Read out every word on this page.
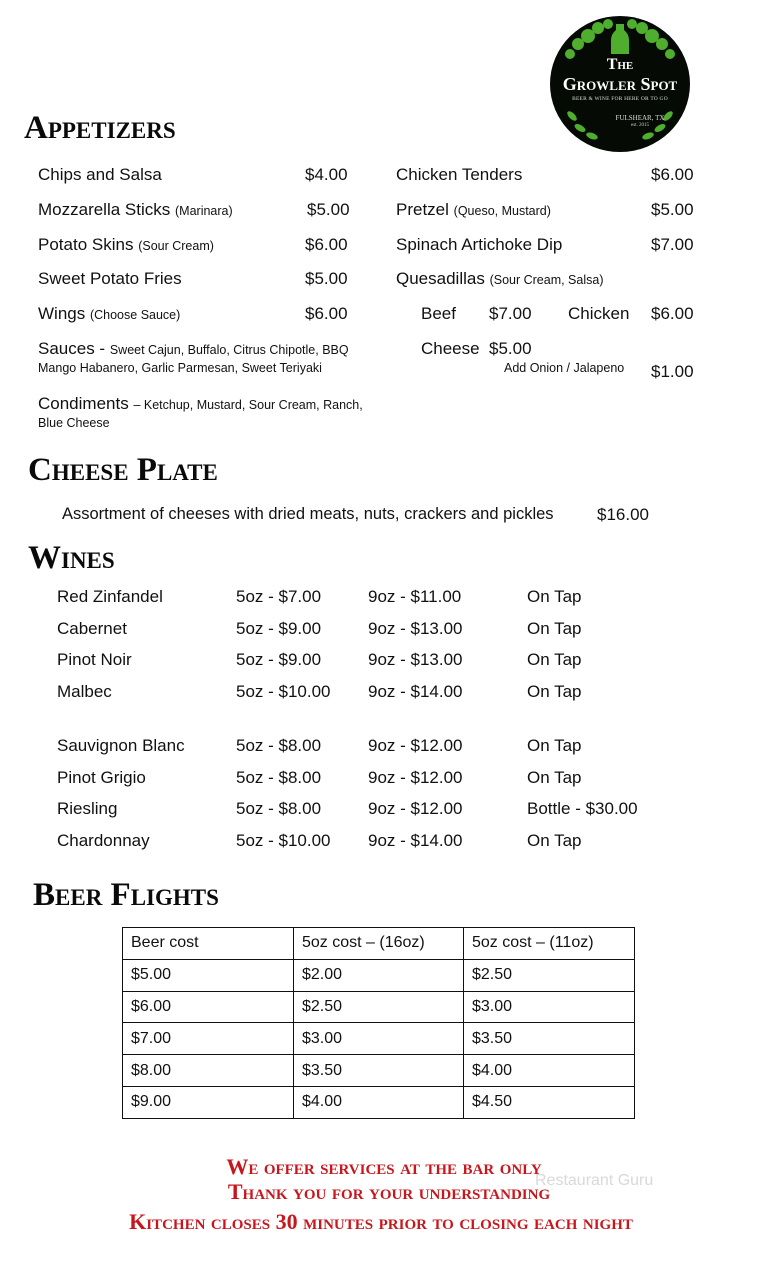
The
Growler Spot
BEER & WINE FOR HERE OR TO GO
FULSHEAR, TX
est. 2015
Appetizers
Chips and Salsa	$4.00
Mozzarella Sticks (Marinara)	$5.00
Potato Skins (Sour Cream)	$6.00
Sweet Potato Fries	$5.00
Wings (Choose Sauce)	$6.00
Sauces - Sweet Cajun, Buffalo, Citrus Chipotle, BBQ
Mango Habanero, Garlic Parmesan, Sweet Teriyaki
Condiments – Ketchup, Mustard, Sour Cream, Ranch,
Blue Cheese
Chicken Tenders	$6.00
Pretzel (Queso, Mustard)	$5.00
Spinach Artichoke Dip	$7.00
Quesadillas (Sour Cream, Salsa)
Beef $7.00 Chicken $6.00
Cheese $5.00
Add Onion / Jalapeno $1.00
Cheese Plate
Assortment of cheeses with dried meats, nuts, crackers and pickles	$16.00
Wines
Red Zinfandel	5oz - $7.00	9oz - $11.00	On Tap
Cabernet	5oz - $9.00	9oz - $13.00	On Tap
Pinot Noir	5oz - $9.00	9oz - $13.00	On Tap
Malbec	5oz - $10.00 9oz - $14.00	On Tap
Sauvignon Blanc	5oz - $8.00	9oz - $12.00	On Tap
Pinot Grigio	5oz - $8.00	9oz - $12.00	On Tap
Riesling	5oz - $8.00	9oz - $12.00	Bottle - $30.00
Chardonnay	5oz - $10.00 9oz - $14.00	On Tap
Beer Flights
Beer cost	5oz cost – (16oz)	5oz cost – (11oz)
$5.00	$2.00	$2.50
$6.00	$2.50	$3.00
$7.00	$3.00	$3.50
$8.00	$3.50	$4.00
$9.00	$4.00	$4.50
We offer services at the bar only
Thank you for your understanding
Kitchen closes 30 minutes prior to closing each night
Restaurant Guru
